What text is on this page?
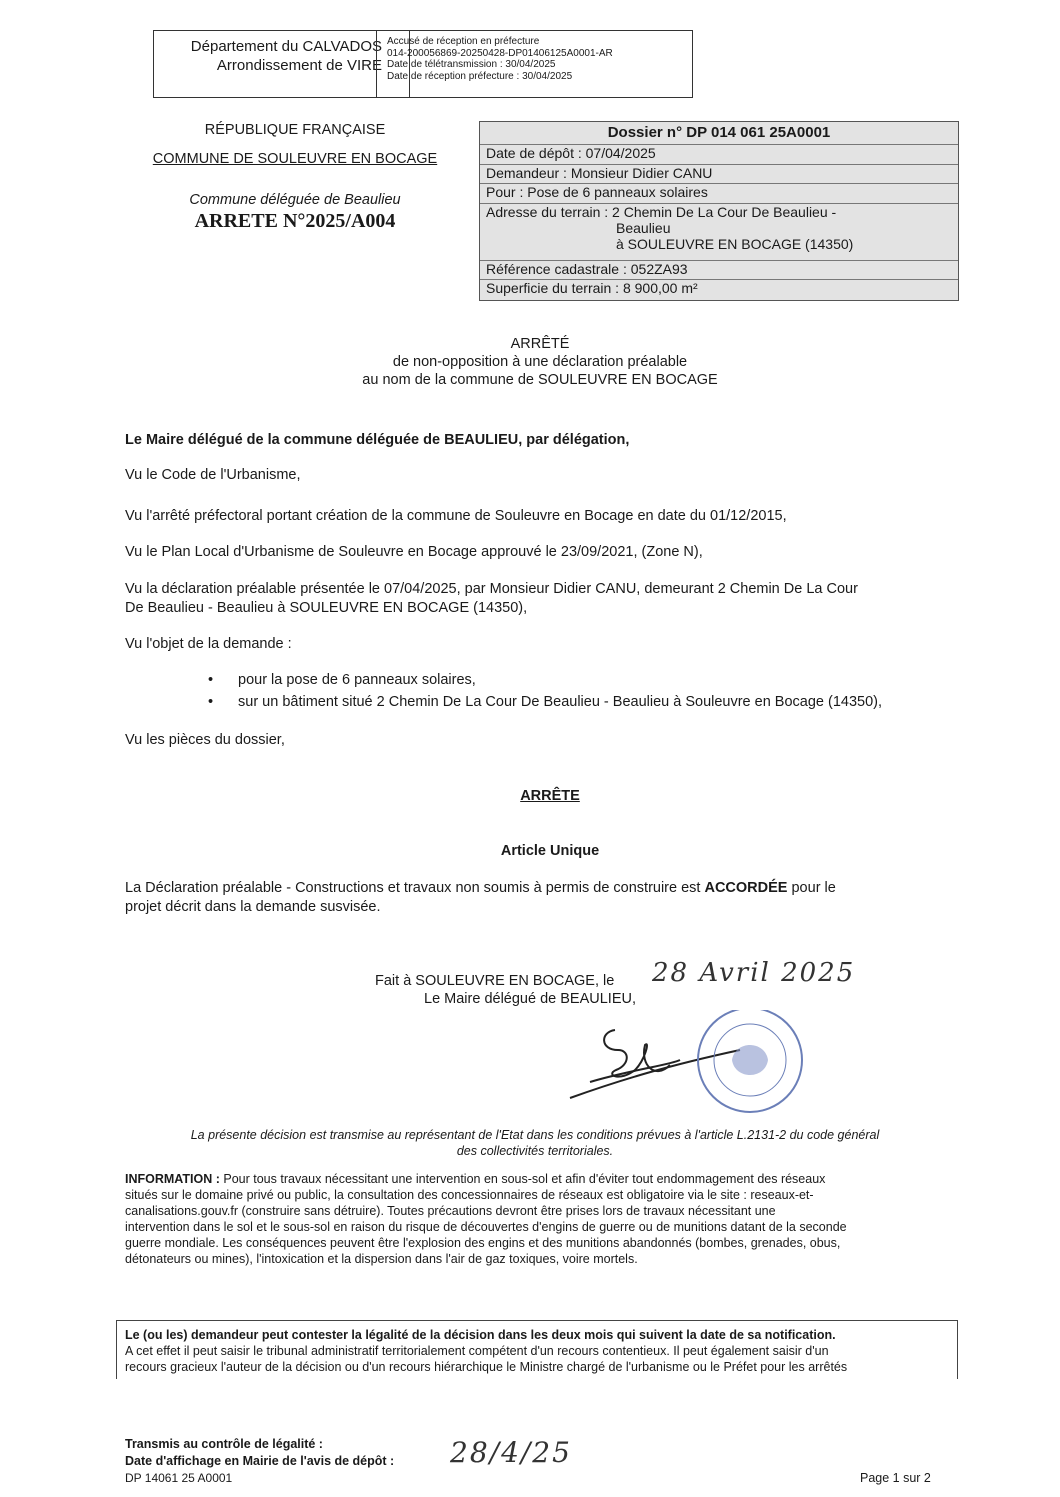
Département du CALVADOS
Arrondissement de VIRE
Accusé de réception en préfecture
014-200056869-20250428-DP01406125A0001-AR
Date de télétransmission : 30/04/2025
Date de réception préfecture : 30/04/2025
RÉPUBLIQUE FRANÇAISE
COMMUNE DE SOULEUVRE EN BOCAGE
Commune déléguée de Beaulieu
ARRETE N°2025/A004
Dossier n° DP 014 061 25A0001
Date de dépôt : 07/04/2025
Demandeur : Monsieur Didier CANU
Pour : Pose de 6 panneaux solaires
Adresse du terrain : 2 Chemin De La Cour De Beaulieu -
Beaulieu
à SOULEUVRE EN BOCAGE (14350)
Référence cadastrale : 052ZA93
Superficie du terrain : 8 900,00 m²
ARRÊTÉ
de non-opposition à une déclaration préalable
au nom de la commune de SOULEUVRE EN BOCAGE
Le Maire délégué de la commune déléguée de BEAULIEU, par délégation,
Vu le Code de l'Urbanisme,
Vu l'arrêté préfectoral portant création de la commune de Souleuvre en Bocage en date du 01/12/2015,
Vu le Plan Local d'Urbanisme de Souleuvre en Bocage approuvé le 23/09/2021, (Zone N),
Vu la déclaration préalable présentée le 07/04/2025, par Monsieur Didier CANU, demeurant 2 Chemin De La Cour
De Beaulieu - Beaulieu à SOULEUVRE EN BOCAGE (14350),
Vu l'objet de la demande :
• pour la pose de 6 panneaux solaires,
• sur un bâtiment situé 2 Chemin De La Cour De Beaulieu - Beaulieu à Souleuvre en Bocage (14350),
Vu les pièces du dossier,
ARRÊTE
Article Unique
La Déclaration préalable - Constructions et travaux non soumis à permis de construire est ACCORDÉE pour le
projet décrit dans la demande susvisée.
Fait à SOULEUVRE EN BOCAGE, le 28 Avril 2025
Le Maire délégué de BEAULIEU,
La présente décision est transmise au représentant de l'Etat dans les conditions prévues à l'article L.2131-2 du code général
des collectivités territoriales.
INFORMATION : Pour tous travaux nécessitant une intervention en sous-sol et afin d'éviter tout endommagement des réseaux
situés sur le domaine privé ou public, la consultation des concessionnaires de réseaux est obligatoire via le site : reseaux-et-
canalisations.gouv.fr (construire sans détruire). Toutes précautions devront être prises lors de travaux nécessitant une
intervention dans le sol et le sous-sol en raison du risque de découvertes d'engins de guerre ou de munitions datant de la seconde
guerre mondiale. Les conséquences peuvent être l'explosion des engins et des munitions abandonnés (bombes, grenades, obus,
détonateurs ou mines), l'intoxication et la dispersion dans l'air de gaz toxiques, voire mortels.
Le (ou les) demandeur peut contester la légalité de la décision dans les deux mois qui suivent la date de sa notification.
A cet effet il peut saisir le tribunal administratif territorialement compétent d'un recours contentieux. Il peut également saisir d'un
recours gracieux l'auteur de la décision ou d'un recours hiérarchique le Ministre chargé de l'urbanisme ou le Préfet pour les arrêtés
Transmis au contrôle de légalité :
Date d'affichage en Mairie de l'avis de dépôt : 28/4/25
DP 14061 25 A0001	Page 1 sur 2
